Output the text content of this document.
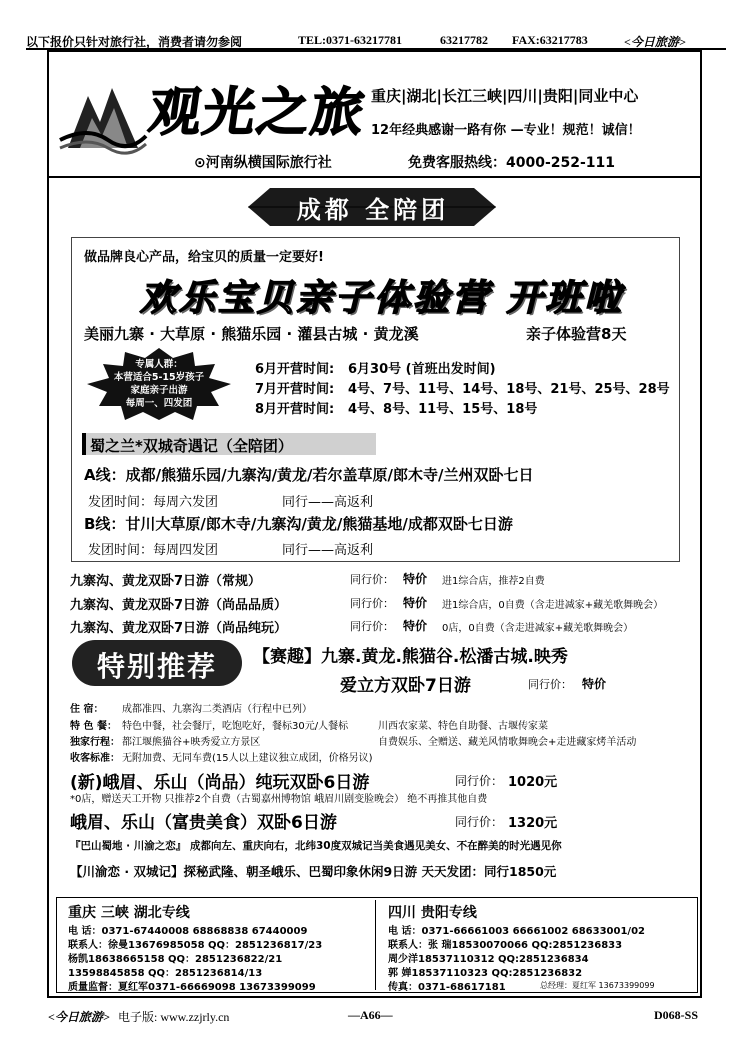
以下报价只针对旅行社，消费者请勿参阅	TEL:0371-63217781	63217782 FAX:63217783	<今日旅游>
观光之旅 重庆|湖北|长江三峡|四川|贵阳|同业中心
12年经典感谢一路有你 —专业！规范！诚信！
⊙河南纵横国际旅行社	免费客服热线：4000-252-111
成都 全陪团
做品牌良心产品，给宝贝的质量一定要好!
欢乐宝贝亲子体验营 开班啦
美丽九寨 · 大草原 · 熊猫乐园 · 灌县古城 · 黄龙溪	亲子体验营8天
专属人群：
本营适合5-15岁孩子
家庭亲子出游
每周一、四发团
6月开营时间: 6月30号 (首班出发时间)
7月开营时间: 4号、7号、11号、14号、18号、21号、25号、28号
8月开营时间: 4号、8号、11号、15号、18号
蜀之兰*双城奇遇记（全陪团）
A线：成都/熊猫乐园/九寨沟/黄龙/若尔盖草原/郎木寺/兰州双卧七日
发团时间：每周六发团	同行——高返利
B线：甘川大草原/郎木寺/九寨沟/黄龙/熊猫基地/成都双卧七日游
发团时间：每周四发团	同行——高返利
九寨沟、黄龙双卧7日游（常规）	同行价： 特价 进1综合店，推荐2自费
九寨沟、黄龙双卧7日游（尚品品质）	同行价： 特价 进1综合店，0自费（含走进减家+藏羌歌舞晚会）
九寨沟、黄龙双卧7日游（尚品纯玩）	同行价： 特价 0店，0自费（含走进减家+藏羌歌舞晚会）
特别推荐	【赛趣】九寨.黄龙.熊猫谷.松潘古城.映秀
爱立方双卧7日游	同行价： 特价
住 宿： 成都准四、九寨沟二类酒店（行程中已列）
特 色 餐： 特色中餐，社会餐厅，吃饱吃好，餐标30元/人餐标	川西农家菜、特色自助餐、古堰传家菜
独家行程： 都江堰熊猫谷+映秀爱立方景区	自费娱乐、全赠送、藏羌风情歌舞晚会+走进藏家烤羊活动
收客标准： 无附加费、无同车费(15人以上建议独立成团，价格另议)
(新)峨眉、乐山（尚品）纯玩双卧6日游	同行价： 1020元
*0店，赠送天工开物 只推荐2个自费（古蜀嘉州博物馆 峨眉川剧变脸晚会） 绝不再推其他自费
峨眉、乐山（富贵美食）双卧6日游	同行价： 1320元
『巴山蜀地 · 川渝之恋』 成都向左、重庆向右，北纬30度双城记当美食遇见美女、不在醉美的时光遇见你
【川渝恋 · 双城记】探秘武隆、朝圣峨乐、巴蜀印象休闲9日游 天天发团：同行1850元
重庆 三峡 湖北专线
电 话：0371-67440008 68868838 67440009
联系人：徐曼13676985058 QQ：2851236817/23
杨凯18638665158 QQ：2851236822/21
13598845858 QQ：2851236814/13
质量监督：夏红军0371-66669098 13673399099
四川 贵阳专线
电 话：0371-66661003 66661002 68633001/02
联系人：张 瑞18530070066 QQ:2851236833
周少洋18537110312 QQ:2851236834
郭 婵18537110323 QQ:2851236832
传真：0371-68617181	总经理：夏红军 13673399099
<今日旅游> 电子版: www.zzjrly.cn	—A66—	D068-SS
